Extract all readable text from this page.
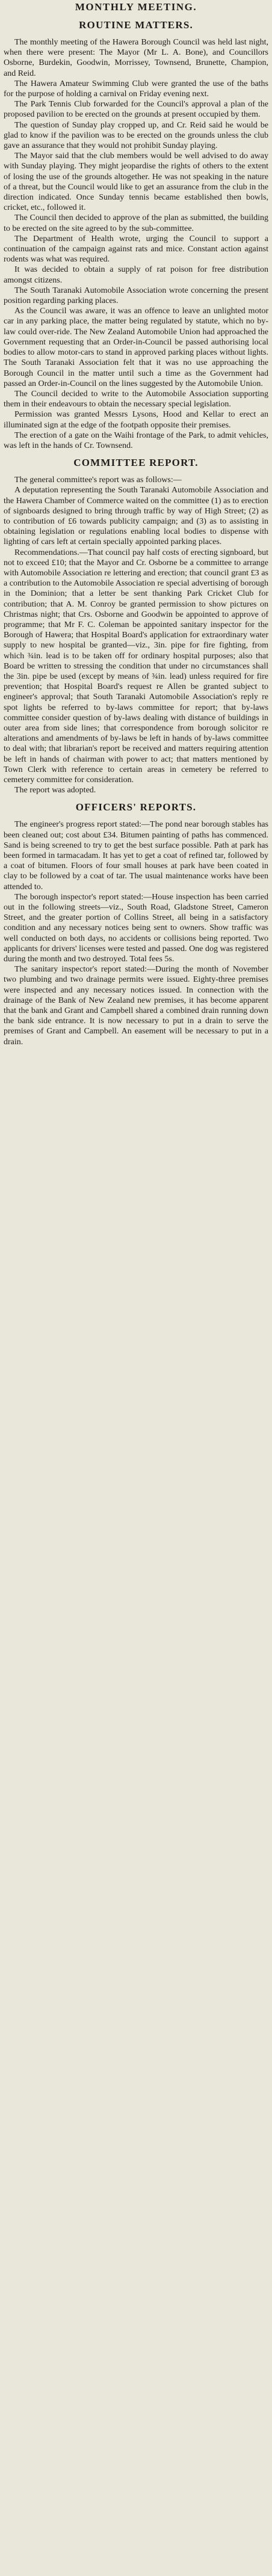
MONTHLY MEETING.
ROUTINE MATTERS.

The monthly meeting of the Hawera Borough Council was held last night, when there were present: The Mayor (Mr L. A. Bone), and Councillors Osborne, Burdekin, Goodwin, Morrissey, Townsend, Brunette, Champion, and Reid.

The Hawera Amateur Swimming Club were granted the use of the baths for the purpose of holding a carnival on Friday evening next.

The Park Tennis Club forwarded for the Council's approval a plan of the proposed pavilion to be erected on the grounds at present occupied by them.

The question of Sunday play cropped up, and Cr. Reid said he would be glad to know if the pavilion was to be erected on the grounds unless the club gave an assurance that they would not prohibit Sunday playing.

The Mayor said that the club members would be well advised to do away with Sunday playing. They might jeopardise the rights of others to the extent of losing the use of the grounds altogether. He was not speaking in the nature of a threat, but the Council would like to get an assurance from the club in the direction indicated. Once Sunday tennis became established then bowls, cricket, etc., followed it.

The Council then decided to approve of the plan as submitted, the building to be erected on the site agreed to by the sub-committee.

The Department of Health wrote, urging the Council to support a continuation of the campaign against rats and mice. Constant action against rodents was what was required.

It was decided to obtain a supply of rat poison for free distribution amongst citizens.

The South Taranaki Automobile Association wrote concerning the present position regarding parking places.

As the Council was aware, it was an offence to leave an unlighted motor car in any parking place, the matter being regulated by statute, which no by-law could over-ride. The New Zealand Automobile Union had approached the Government requesting that an Order-in-Council be passed authorising local bodies to allow motor-cars to stand in approved parking places without lights. The South Taranaki Association felt that it was no use approaching the Borough Council in the matter until such a time as the Government had passed an Order-in-Council on the lines suggested by the Automobile Union.

The Council decided to write to the Automobile Association supporting them in their endeavours to obtain the necessary special legislation.

Permission was granted Messrs Lysons, Hood and Kellar to erect an illuminated sign at the edge of the footpath opposite their premises.

The erection of a gate on the Waihi frontage of the Park, to admit vehicles, was left in the hands of Cr. Townsend.

COMMITTEE REPORT.

The general committee's report was as follows:—

A deputation representing the South Taranaki Automobile Association and the Hawera Chamber of Commerce waited on the committee (1) as to erection of signboards designed to bring through traffic by way of High Street; (2) as to contribution of £6 towards publicity campaign; and (3) as to assisting in obtaining legislation or regulations enabling local bodies to dispense with lighting of cars left at certain specially appointed parking places.

Recommendations.—That council pay half costs of erecting signboard, but not to exceed £10; that the Mayor and Cr. Osborne be a committee to arrange with Automobile Association re lettering and erection; that council grant £3 as a contribution to the Automobile Association re special advertising of borough in the Dominion; that a letter be sent thanking Park Cricket Club for contribution; that A. M. Conroy be granted permission to show pictures on Christmas night; that Crs. Osborne and Goodwin be appointed to approve of programme; that Mr F. C. Coleman be appointed sanitary inspector for the Borough of Hawera; that Hospital Board's application for extraordinary water supply to new hospital be granted—viz., 3in. pipe for fire fighting, from which ¾in. lead is to be taken off for ordinary hospital purposes; also that Board be written to stressing the condition that under no circumstances shall the 3in. pipe be used (except by means of ¾in. lead) unless required for fire prevention; that Hospital Board's request re Allen be granted subject to engineer's approval; that South Taranaki Automobile Association's reply re spot lights be referred to by-laws committee for report; that by-laws committee consider question of by-laws dealing with distance of buildings in outer area from side lines; that correspondence from borough solicitor re alterations and amendments of by-laws be left in hands of by-laws committee to deal with; that librarian's report be received and matters requiring attention be left in hands of chairman with power to act; that matters mentioned by Town Clerk with reference to certain areas in cemetery be referred to cemetery committee for consideration.

The report was adopted.

OFFICERS' REPORTS.

The engineer's progress report stated:—The pond near borough stables has been cleaned out; cost about £34. Bitumen painting of paths has commenced. Sand is being screened to try to get the best surface possible. Path at park has been formed in tarmacadam. It has yet to get a coat of refined tar, followed by a coat of bitumen. Floors of four small houses at park have been coated in clay to be followed by a coat of tar. The usual maintenance works have been attended to.

The borough inspector's report stated:—House inspection has been carried out in the following streets—viz., South Road, Gladstone Street, Cameron Street, and the greater portion of Collins Street, all being in a satisfactory condition and any necessary notices being sent to owners. Show traffic was well conducted on both days, no accidents or collisions being reported. Two applicants for drivers' licenses were tested and passed. One dog was registered during the month and two destroyed. Total fees 5s.

The sanitary inspector's report stated:—During the month of November two plumbing and two drainage permits were issued. Eighty-three premises were inspected and any necessary notices issued. In connection with the drainage of the Bank of New Zealand new premises, it has become apparent that the bank and Grant and Campbell shared a combined drain running down the bank side entrance. It is now necessary to put in a drain to serve the premises of Grant and Campbell. An easement will be necessary to put in a drain.
